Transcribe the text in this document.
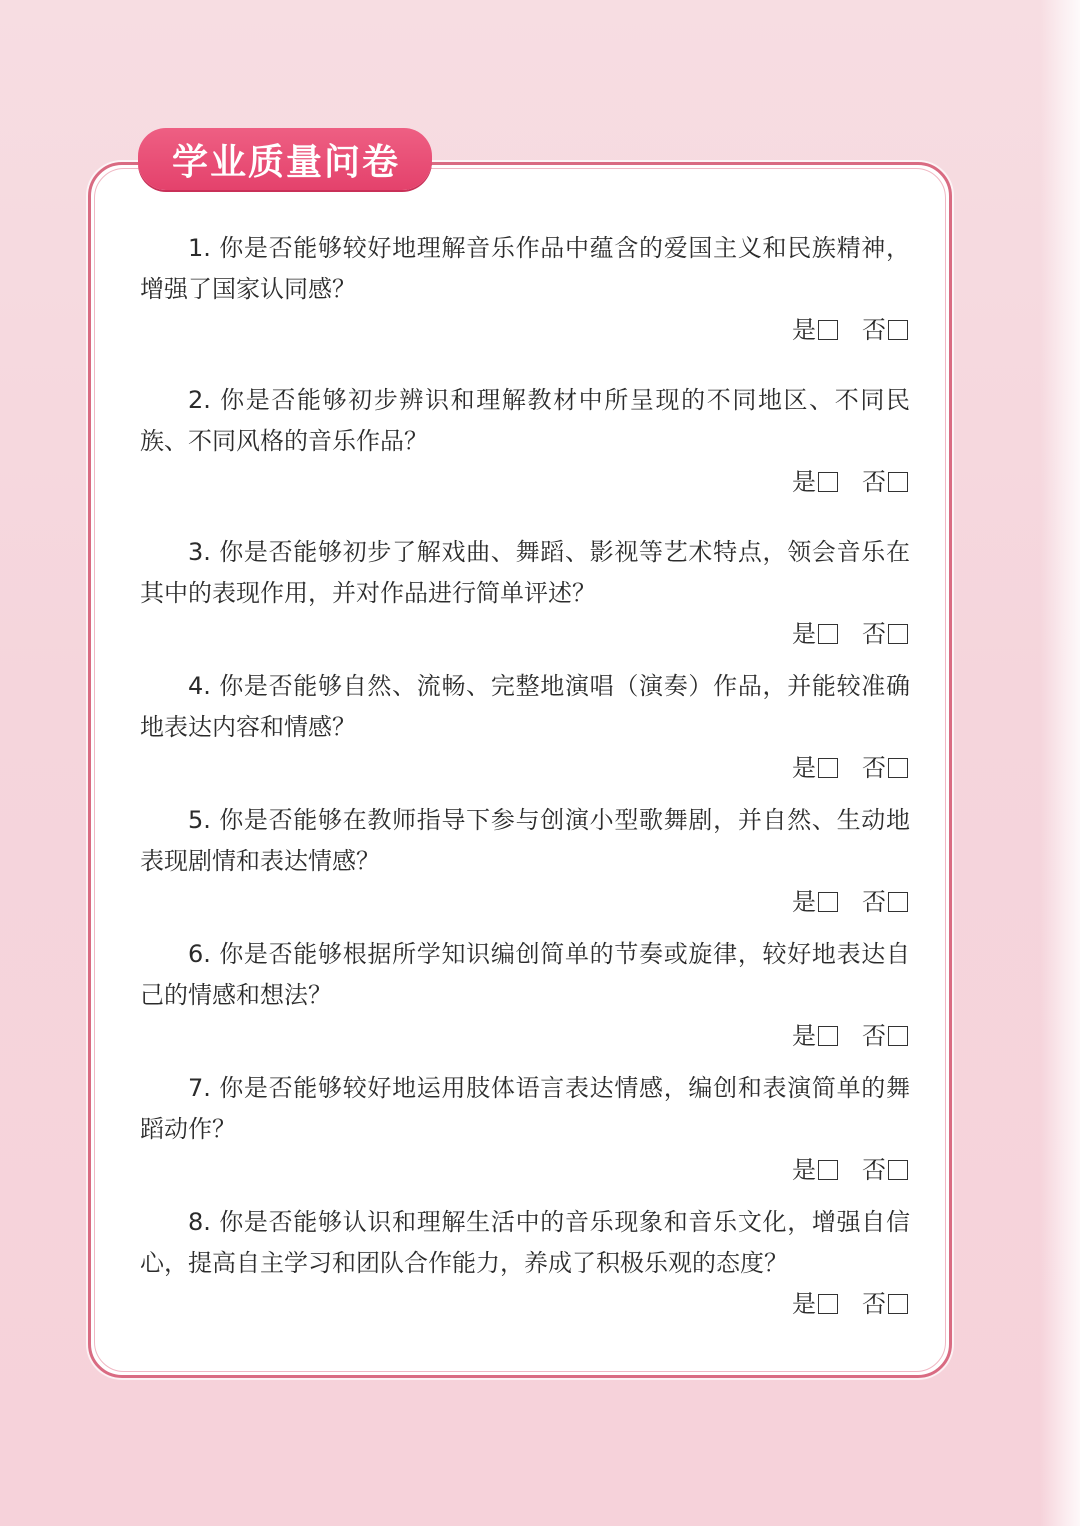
学业质量问卷

1. 你是否能够较好地理解音乐作品中蕴含的爱国主义和民族精神，增强了国家认同感？

是 否

2. 你是否能够初步辨识和理解教材中所呈现的不同地区、不同民族、不同风格的音乐作品？

是 否

3. 你是否能够初步了解戏曲、舞蹈、影视等艺术特点，领会音乐在其中的表现作用，并对作品进行简单评述？

是 否

4. 你是否能够自然、流畅、完整地演唱（演奏）作品，并能较准确地表达内容和情感？

是 否

5. 你是否能够在教师指导下参与创演小型歌舞剧，并自然、生动地表现剧情和表达情感？

是 否

6. 你是否能够根据所学知识编创简单的节奏或旋律，较好地表达自己的情感和想法？

是 否

7. 你是否能够较好地运用肢体语言表达情感，编创和表演简单的舞蹈动作？

是 否

8. 你是否能够认识和理解生活中的音乐现象和音乐文化，增强自信心，提高自主学习和团队合作能力，养成了积极乐观的态度？

是 否
